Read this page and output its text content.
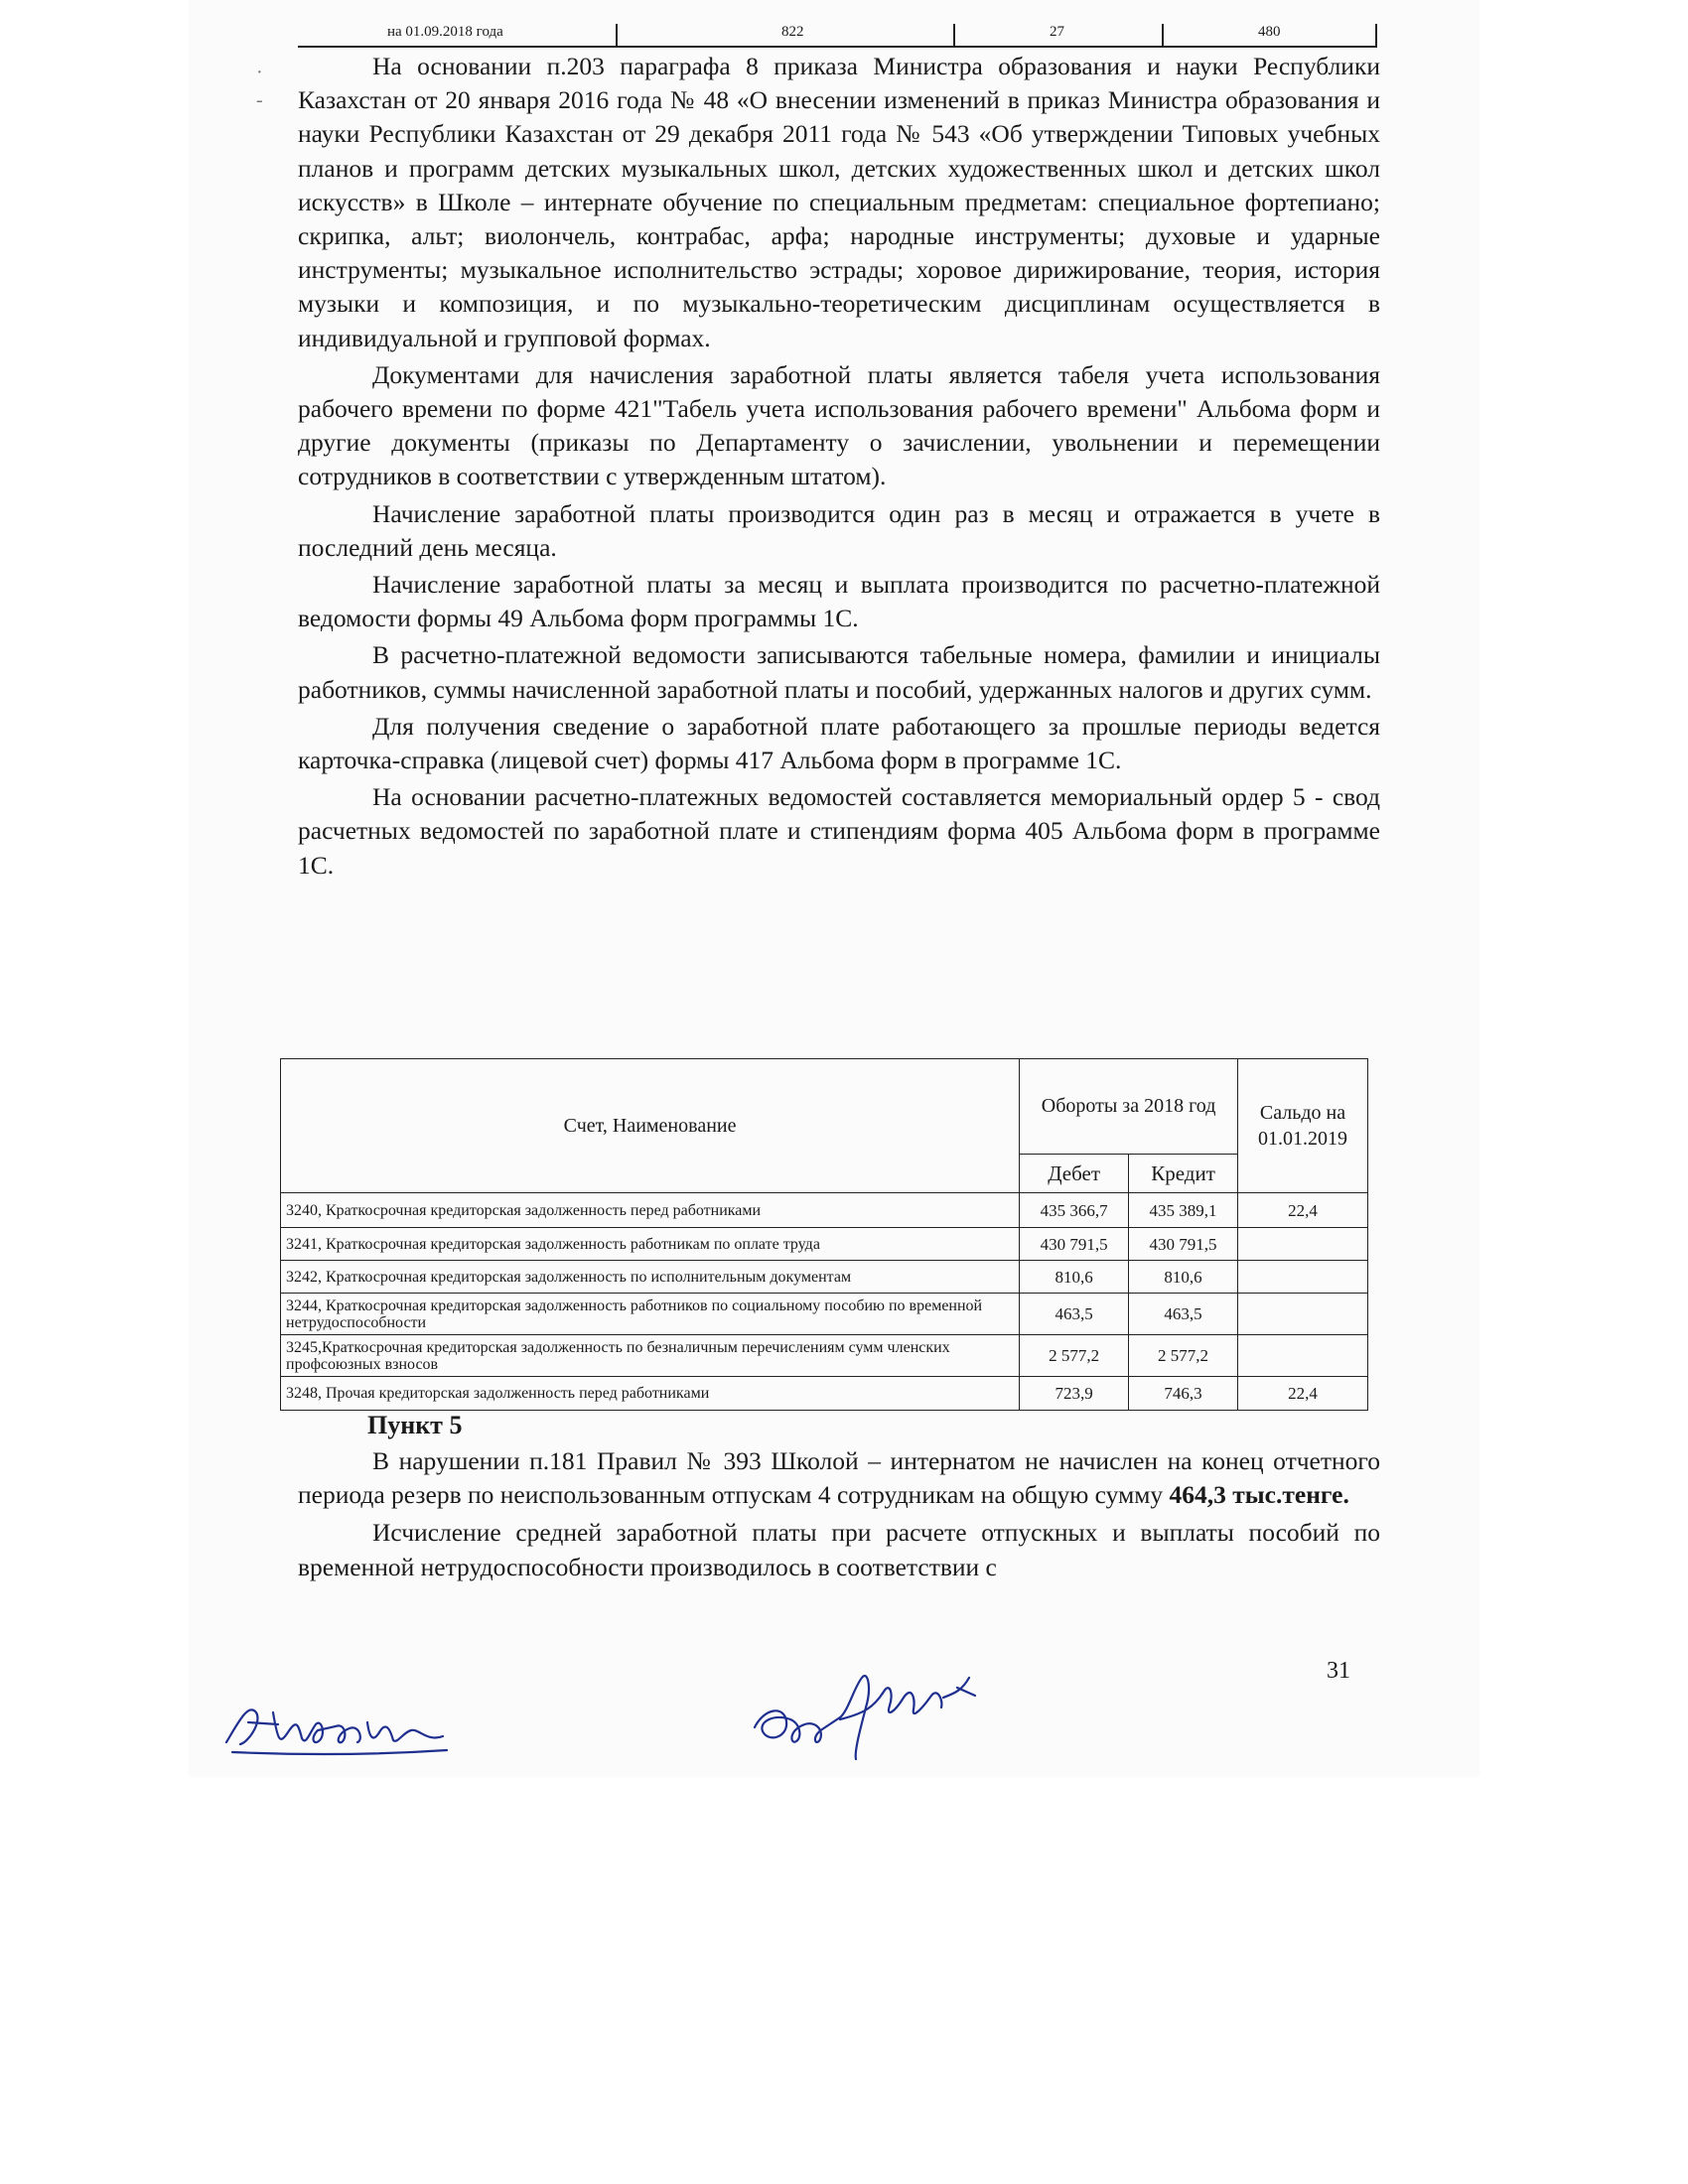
на 01.09.2018 года	822	27	480
·
-

На основании п.203 параграфа 8 приказа Министра образования и науки Республики Казахстан от 20 января 2016 года № 48 «О внесении изменений в приказ Министра образования и науки Республики Казахстан от 29 декабря 2011 года № 543 «Об утверждении Типовых учебных планов и программ детских музыкальных школ, детских художественных школ и детских школ искусств» в Школе – интернате обучение по специальным предметам: специальное фортепиано; скрипка, альт; виолончель, контрабас, арфа; народные инструменты; духовые и ударные инструменты; музыкальное исполнительство эстрады; хоровое дирижирование, теория, история музыки и композиция, и по музыкально-теоретическим дисциплинам осуществляется в индивидуальной и групповой формах.

Документами для начисления заработной платы является табеля учета использования рабочего времени по форме 421"Табель учета использования рабочего времени" Альбома форм и другие документы (приказы по Департаменту о зачислении, увольнении и перемещении сотрудников в соответствии с утвержденным штатом).

Начисление заработной платы производится один раз в месяц и отражается в учете в последний день месяца.

Начисление заработной платы за месяц и выплата производится по расчетно-платежной ведомости формы 49 Альбома форм программы 1С.

В расчетно-платежной ведомости записываются табельные номера, фамилии и инициалы работников, суммы начисленной заработной платы и пособий, удержанных налогов и других сумм.

Для получения сведение о заработной плате работающего за прошлые периоды ведется карточка-справка (лицевой счет) формы 417 Альбома форм в программе 1С.

На основании расчетно-платежных ведомостей составляется мемориальный ордер 5 - свод расчетных ведомостей по заработной плате и стипендиям форма 405 Альбома форм в программе 1С.

Счет, Наименование	Обороты за 2018 год		Сальдо на 01.01.2019
	Дебет	Кредит	
3240, Краткосрочная кредиторская задолженность перед работниками	435 366,7	435 389,1	22,4
3241, Краткосрочная кредиторская задолженность работникам по оплате труда	430 791,5	430 791,5	
3242, Краткосрочная кредиторская задолженность по исполнительным документам	810,6	810,6	
3244, Краткосрочная кредиторская задолженность работников по социальному пособию по временной нетрудоспособности	463,5	463,5	
3245,Краткосрочная кредиторская задолженность по безналичным перечислениям сумм членских профсоюзных взносов	2 577,2	2 577,2	
3248, Прочая кредиторская задолженность перед работниками	723,9	746,3	22,4
Пункт 5

В нарушении п.181 Правил № 393 Школой – интернатом не начислен на конец отчетного периода резерв по неиспользованным отпускам 4 сотрудникам на общую сумму 464,3 тыс.тенге.

Исчисление средней заработной платы при расчете отпускных и выплаты пособий по временной нетрудоспособности производилось в соответствии с

31
